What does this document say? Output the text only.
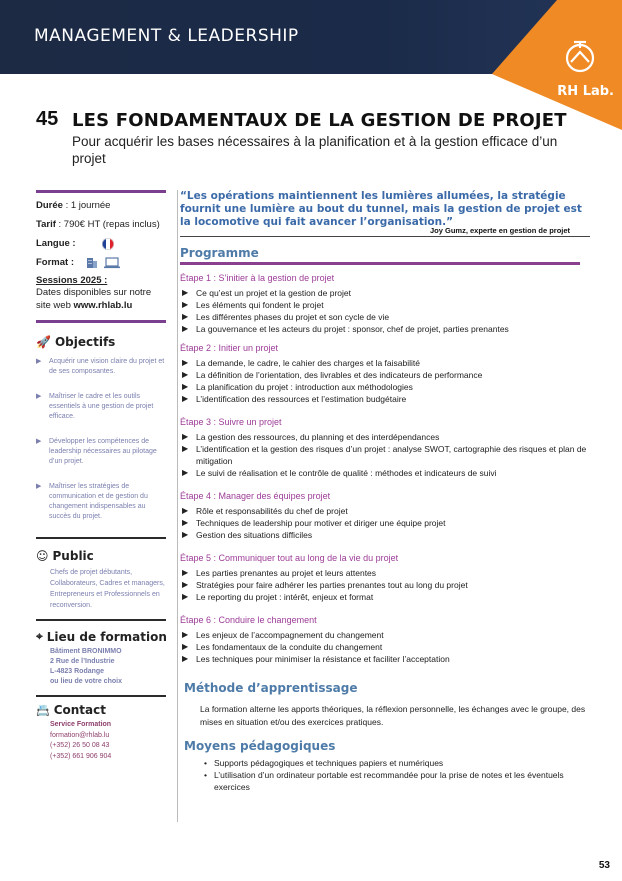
MANAGEMENT & LEADERSHIP
RH Lab.
45 LES FONDAMENTAUX DE LA GESTION DE PROJET
Pour acquérir les bases nécessaires à la planification et à la gestion efficace d’un projet
Durée : 1 journée
Tarif : 790€ HT (repas inclus)
Langue :
Format :
Sessions 2025 :
Dates disponibles sur notre site web www.rhlab.lu
🚀 Objectifs
▶ Acquérir une vision claire du projet et de ses composantes.
▶ Maîtriser le cadre et les outils essentiels à une gestion de projet efficace.
▶ Développer les compétences de leadership nécessaires au pilotage d’un projet.
▶ Maîtriser les stratégies de communication et de gestion du changement indispensables au succès du projet.
☺ Public
Chefs de projet débutants, Collaborateurs, Cadres et managers, Entrepreneurs et Professionnels en reconversion.
⌖ Lieu de formation
Bâtiment BRONIMMO
2 Rue de l’Industrie
L-4823 Rodange
ou lieu de votre choix
📇 Contact
Service Formation
formation@rhlab.lu
(+352) 26 50 08 43
(+352) 661 906 904
“Les opérations maintiennent les lumières allumées, la stratégie fournit une lumière au bout du tunnel, mais la gestion de projet est la locomotive qui fait avancer l’organisation.”
Joy Gumz, experte en gestion de projet
Programme
Étape 1 : S’initier à la gestion de projet
▶ Ce qu’est un projet et la gestion de projet
▶ Les éléments qui fondent le projet
▶ Les différentes phases du projet et son cycle de vie
▶ La gouvernance et les acteurs du projet : sponsor, chef de projet, parties prenantes
Étape 2 : Initier un projet
▶ La demande, le cadre, le cahier des charges et la faisabilité
▶ La définition de l’orientation, des livrables et des indicateurs de performance
▶ La planification du projet : introduction aux méthodologies
▶ L’identification des ressources et l’estimation budgétaire
Étape 3 : Suivre un projet
▶ La gestion des ressources, du planning et des interdépendances
▶ L’identification et la gestion des risques d’un projet : analyse SWOT, cartographie des risques et plan de mitigation
▶ Le suivi de réalisation et le contrôle de qualité : méthodes et indicateurs de suivi
Étape 4 : Manager des équipes projet
▶ Rôle et responsabilités du chef de projet
▶ Techniques de leadership pour motiver et diriger une équipe projet
▶ Gestion des situations difficiles
Étape 5 : Communiquer tout au long de la vie du projet
▶ Les parties prenantes au projet et leurs attentes
▶ Stratégies pour faire adhérer les parties prenantes tout au long du projet
▶ Le reporting du projet : intérêt, enjeux et format
Étape 6 : Conduire le changement
▶ Les enjeux de l’accompagnement du changement
▶ Les fondamentaux de la conduite du changement
▶ Les techniques pour minimiser la résistance et faciliter l’acceptation
Méthode d’apprentissage
La formation alterne les apports théoriques, la réflexion personnelle, les échanges avec le groupe, des mises en situation et/ou des exercices pratiques.
Moyens pédagogiques
• Supports pédagogiques et techniques papiers et numériques
• L’utilisation d’un ordinateur portable est recommandée pour la prise de notes et les éventuels exercices
53
